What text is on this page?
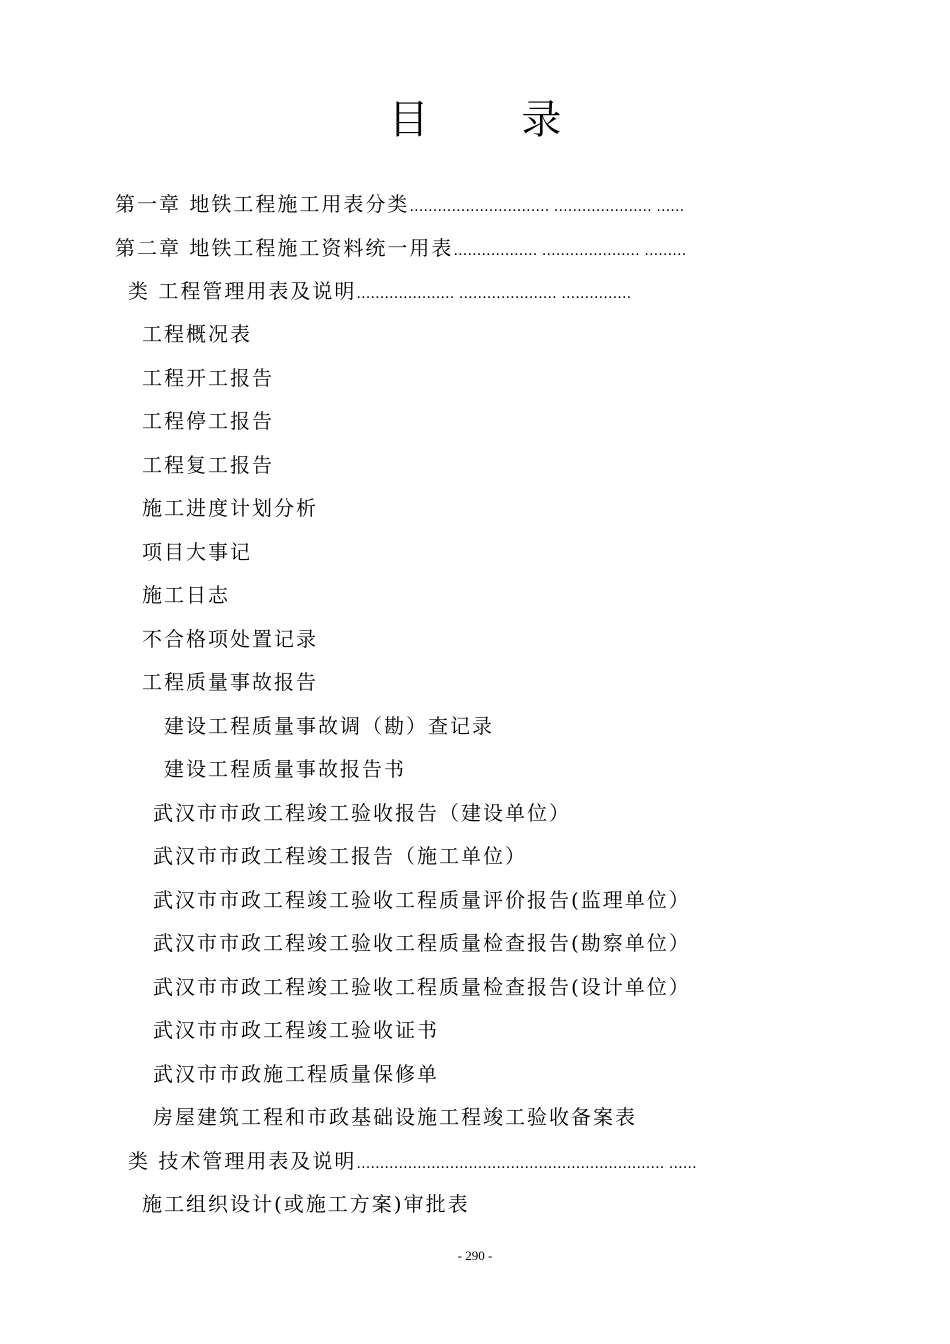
目 录
第一章 地铁工程施工用表分类………………………… ………………… ……
第二章 地铁工程施工资料统一用表……………… ………………… ………
类 工程管理用表及说明………………… ………………… ……………
工程概况表
工程开工报告
工程停工报告
工程复工报告
施工进度计划分析
项目大事记
施工日志
不合格项处置记录
工程质量事故报告
建设工程质量事故调（勘）查记录
建设工程质量事故报告书
武汉市市政工程竣工验收报告（建设单位）
武汉市市政工程竣工报告（施工单位）
武汉市市政工程竣工验收工程质量评价报告(监理单位）
武汉市市政工程竣工验收工程质量检查报告(勘察单位）
武汉市市政工程竣工验收工程质量检查报告(设计单位）
武汉市市政工程竣工验收证书
武汉市市政施工程质量保修单
房屋建筑工程和市政基础设施工程竣工验收备案表
类 技术管理用表及说明………………………………………………………… ……
施工组织设计(或施工方案)审批表
- 290 -
